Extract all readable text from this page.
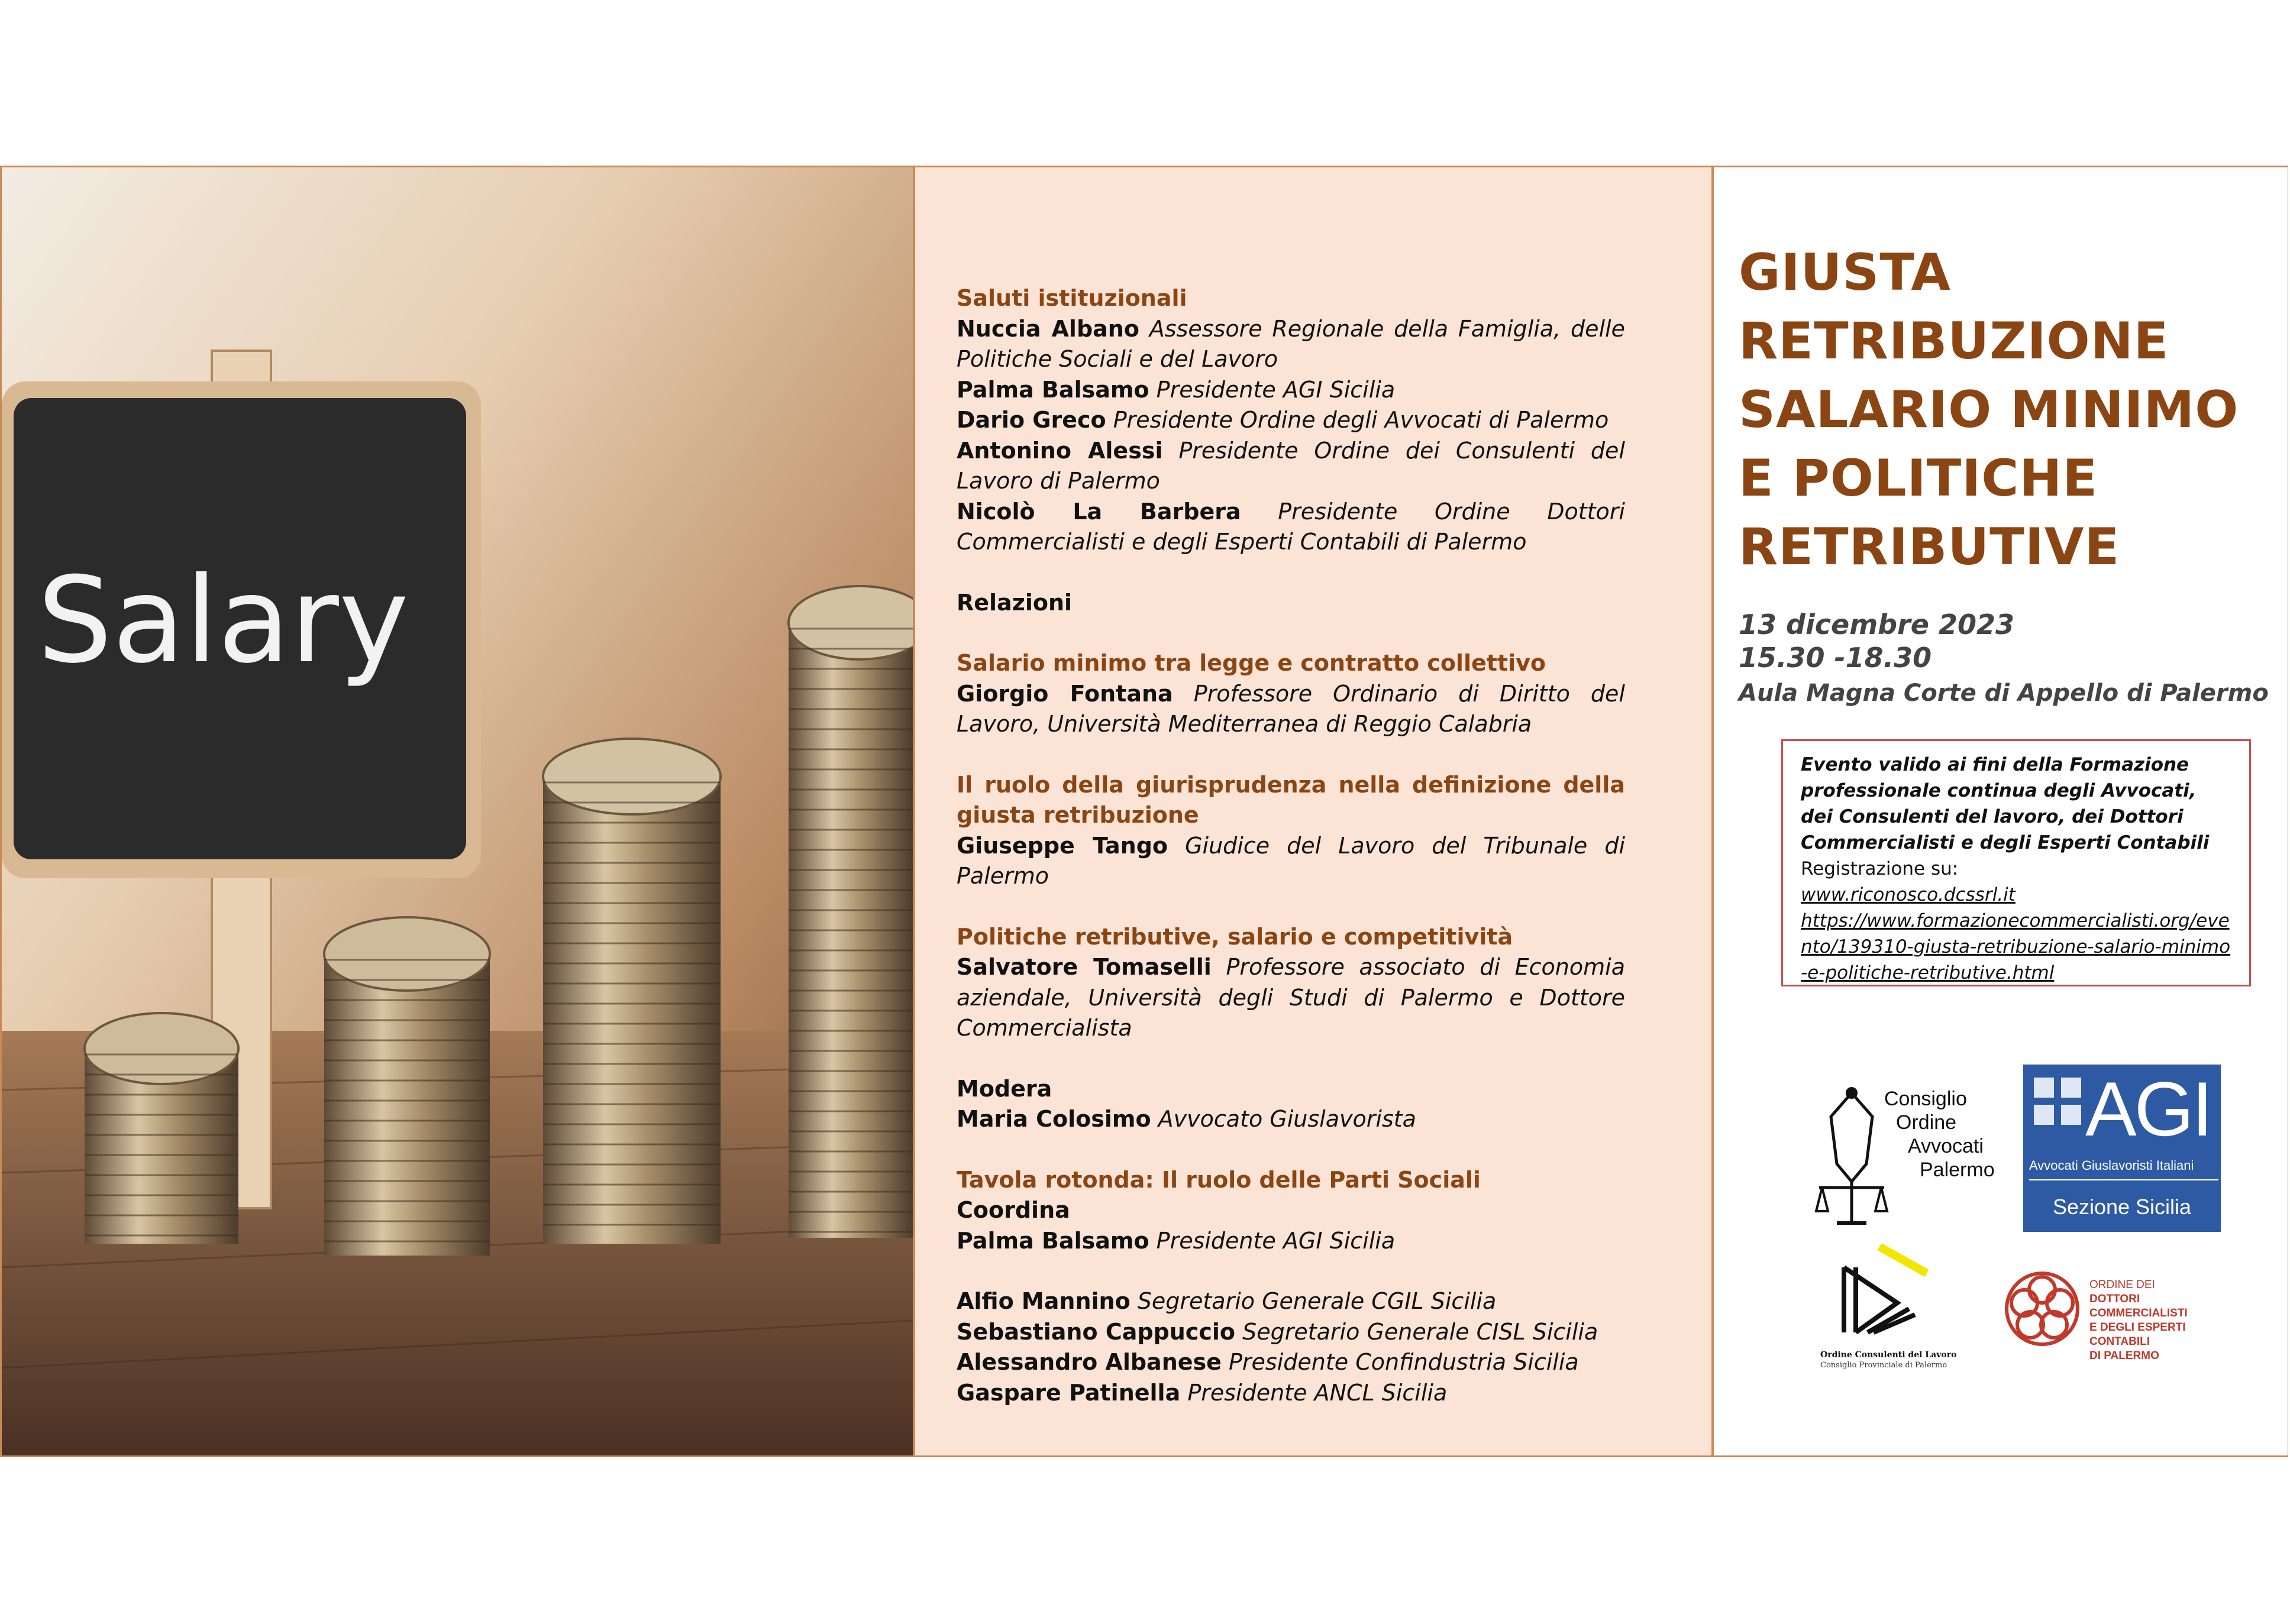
Salary

Saluti istituzionali

Nuccia Albano Assessore Regionale della Famiglia, delle Politiche Sociali e del Lavoro

Palma Balsamo Presidente AGI Sicilia

Dario Greco Presidente Ordine degli Avvocati di Palermo

Antonino Alessi Presidente Ordine dei Consulenti del Lavoro di Palermo

Nicolò La Barbera Presidente Ordine Dottori Commercialisti e degli Esperti Contabili di Palermo

Relazioni

Salario minimo tra legge e contratto collettivo

Giorgio Fontana Professore Ordinario di Diritto del Lavoro, Università Mediterranea di Reggio Calabria

Il ruolo della giurisprudenza nella definizione della giusta retribuzione

Giuseppe Tango Giudice del Lavoro del Tribunale di Palermo

Politiche retributive, salario e competitività

Salvatore Tomaselli Professore associato di Economia aziendale, Università degli Studi di Palermo e Dottore Commercialista

Modera

Maria Colosimo Avvocato Giuslavorista

Tavola rotonda: Il ruolo delle Parti Sociali

Coordina

Palma Balsamo Presidente AGI Sicilia

Alfio Mannino Segretario Generale CGIL Sicilia

Sebastiano Cappuccio Segretario Generale CISL Sicilia

Alessandro Albanese Presidente Confindustria Sicilia

Gaspare Patinella Presidente ANCL Sicilia

GIUSTA
RETRIBUZIONE
SALARIO MINIMO
E POLITICHE
RETRIBUTIVE
13 dicembre 2023
15.30 -18.30
Aula Magna Corte di Appello di Palermo
Evento valido ai fini della Formazione professionale continua degli Avvocati, dei Consulenti del lavoro, dei Dottori Commercialisti e degli Esperti Contabili
Registrazione su:
www.riconosco.dcssrl.it
https://www.formazionecommercialisti.org/evento/139310-giusta-retribuzione-salario-minimo-e-politiche-retributive.html
Consiglio
Ordine
Avvocati
Palermo
AGI
Avvocati Giuslavoristi Italiani
Sezione Sicilia
Ordine Consulenti del Lavoro
Consiglio Provinciale di Palermo
ORDINE DEI
DOTTORI COMMERCIALISTI
E DEGLI ESPERTI CONTABILI
DI PALERMO
